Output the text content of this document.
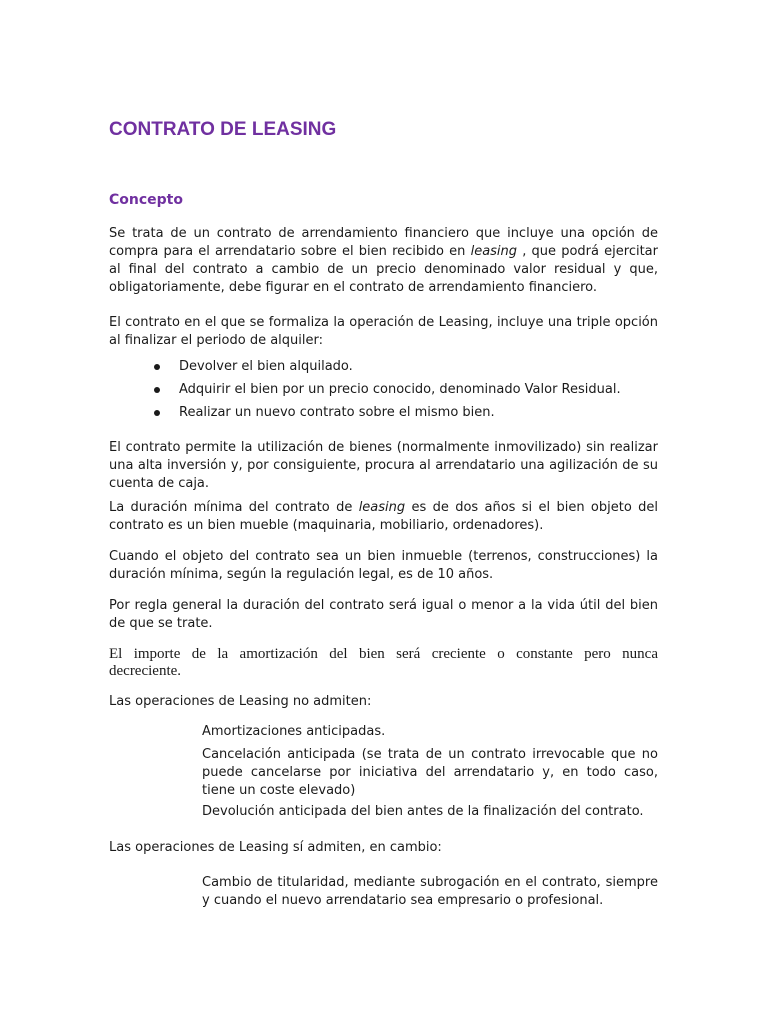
CONTRATO DE LEASING
Concepto

Se trata de un contrato de arrendamiento financiero que incluye una opción de compra para el arrendatario sobre el bien recibido en leasing , que podrá ejercitar al final del contrato a cambio de un precio denominado valor residual y que, obligatoriamente, debe figurar en el contrato de arrendamiento financiero.

El contrato en el que se formaliza la operación de Leasing, incluye una triple opción al finalizar el periodo de alquiler:

Devolver el bien alquilado.
Adquirir el bien por un precio conocido, denominado Valor Residual.
Realizar un nuevo contrato sobre el mismo bien.

El contrato permite la utilización de bienes (normalmente inmovilizado) sin realizar una alta inversión y, por consiguiente, procura al arrendatario una agilización de su cuenta de caja.

La duración mínima del contrato de leasing es de dos años si el bien objeto del contrato es un bien mueble (maquinaria, mobiliario, ordenadores).

Cuando el objeto del contrato sea un bien inmueble (terrenos, construcciones) la duración mínima, según la regulación legal, es de 10 años.

Por regla general la duración del contrato será igual o menor a la vida útil del bien de que se trate.

El importe de la amortización del bien será creciente o constante pero nunca decreciente.

Las operaciones de Leasing no admiten:

Amortizaciones anticipadas.

Cancelación anticipada (se trata de un contrato irrevocable que no puede cancelarse por iniciativa del arrendatario y, en todo caso, tiene un coste elevado)

Devolución anticipada del bien antes de la finalización del contrato.

Las operaciones de Leasing sí admiten, en cambio:

Cambio de titularidad, mediante subrogación en el contrato, siempre y cuando el nuevo arrendatario sea empresario o profesional.
